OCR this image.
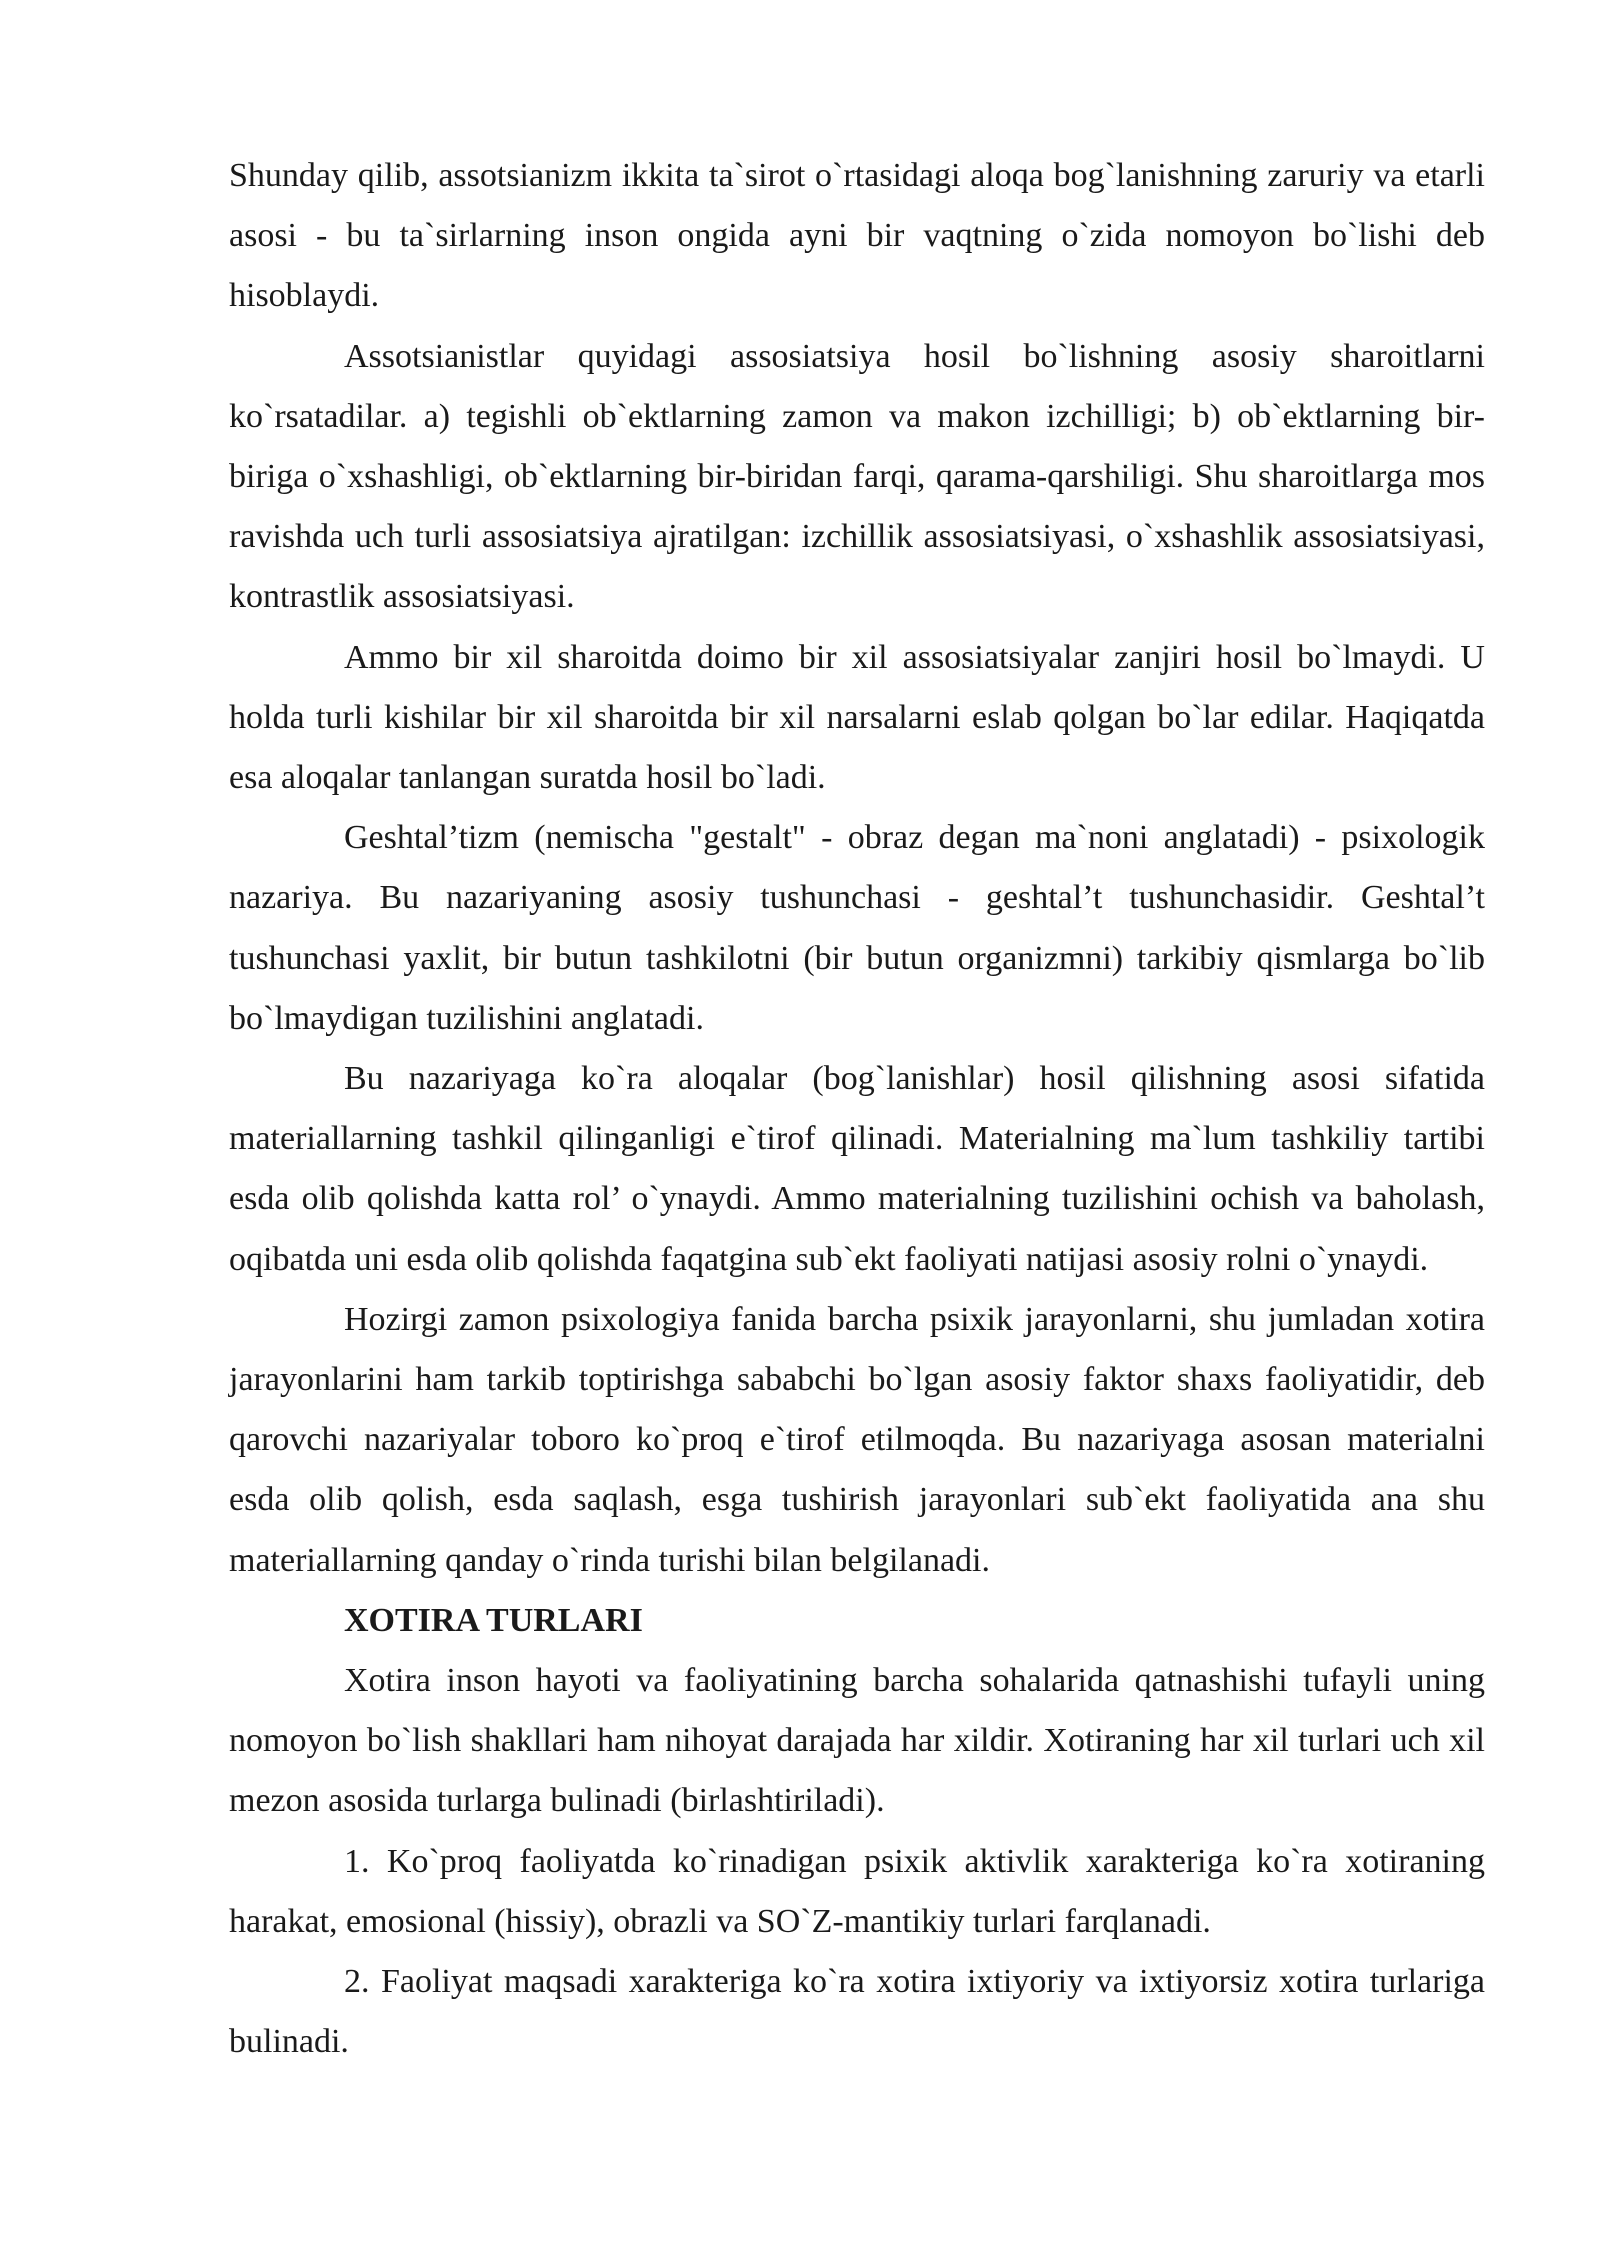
Shunday qilib, assotsianizm ikkita ta`sirot o`rtasidagi aloqa bog`lanishning zaruriy va etarli asosi - bu ta`sirlarning inson ongida ayni bir vaqtning o`zida nomoyon bo`lishi deb hisoblaydi.

Assotsianistlar quyidagi assosiatsiya hosil bo`lishning asosiy sharoitlarni ko`rsatadilar. a) tegishli ob`ektlarning zamon va makon izchilligi; b) ob`ektlarning bir-biriga o`xshashligi, ob`ektlarning bir-biridan farqi, qarama-qarshiligi. Shu sharoitlarga mos ravishda uch turli assosiatsiya ajratilgan: izchillik assosiatsiyasi, o`xshashlik assosiatsiyasi, kontrastlik assosiatsiyasi.

Ammo bir xil sharoitda doimo bir xil assosiatsiyalar zanjiri hosil bo`lmaydi. U holda turli kishilar bir xil sharoitda bir xil narsalarni eslab qolgan bo`lar edilar. Haqiqatda esa aloqalar tanlangan suratda hosil bo`ladi.

Geshtal’tizm (nemischa "gestalt" - obraz degan ma`noni anglatadi) - psixologik nazariya. Bu nazariyaning asosiy tushunchasi - geshtal’t tushunchasidir. Geshtal’t tushunchasi yaxlit, bir butun tashkilotni (bir butun organizmni) tarkibiy qismlarga bo`lib bo`lmaydigan tuzilishini anglatadi.

Bu nazariyaga ko`ra aloqalar (bog`lanishlar) hosil qilishning asosi sifatida materiallarning tashkil qilinganligi e`tirof qilinadi. Materialning ma`lum tashkiliy tartibi esda olib qolishda katta rol’ o`ynaydi. Ammo materialning tuzilishini ochish va baholash, oqibatda uni esda olib qolishda faqatgina sub`ekt faoliyati natijasi asosiy rolni o`ynaydi.

Hozirgi zamon psixologiya fanida barcha psixik jarayonlarni, shu jumladan xotira jarayonlarini ham tarkib toptirishga sababchi bo`lgan asosiy faktor shaxs faoliyatidir, deb qarovchi nazariyalar toboro ko`proq e`tirof etilmoqda. Bu nazariyaga asosan materialni esda olib qolish, esda saqlash, esga tushirish jarayonlari sub`ekt faoliyatida ana shu materiallarning qanday o`rinda turishi bilan belgilanadi.

XOTIRA TURLARI

Xotira inson hayoti va faoliyatining barcha sohalarida qatnashishi tufayli uning nomoyon bo`lish shakllari ham nihoyat darajada har xildir. Xotiraning har xil turlari uch xil mezon asosida turlarga bulinadi (birlashtiriladi).

1. Ko`proq faoliyatda ko`rinadigan psixik aktivlik xarakteriga ko`ra xotiraning harakat, emosional (hissiy), obrazli va SO`Z-mantikiy turlari farqlanadi.

2. Faoliyat maqsadi xarakteriga ko`ra xotira ixtiyoriy va ixtiyorsiz xotira turlariga bulinadi.
